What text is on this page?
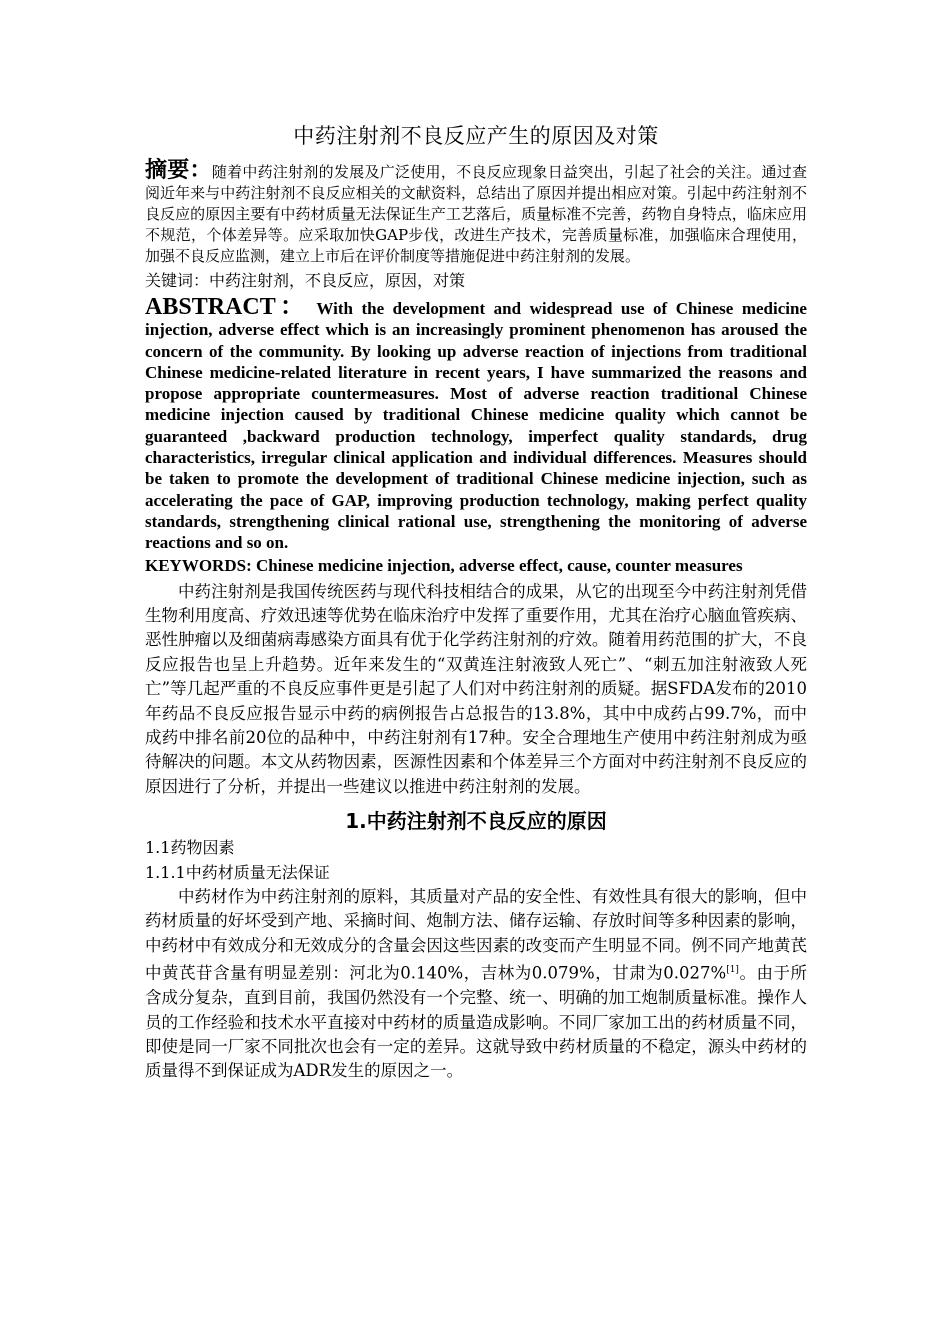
中药注射剂不良反应产生的原因及对策

摘要：随着中药注射剂的发展及广泛使用，不良反应现象日益突出，引起了社会的关注。通过查阅近年来与中药注射剂不良反应相关的文献资料，总结出了原因并提出相应对策。引起中药注射剂不良反应的原因主要有中药材质量无法保证生产工艺落后，质量标准不完善，药物自身特点，临床应用不规范，个体差异等。应采取加快GAP步伐，改进生产技术，完善质量标准，加强临床合理使用，加强不良反应监测，建立上市后在评价制度等措施促进中药注射剂的发展。

关键词：中药注射剂，不良反应，原因，对策

ABSTRACT： With the development and widespread use of Chinese medicine injection, adverse effect which is an increasingly prominent phenomenon has aroused the concern of the community. By looking up adverse reaction of injections from traditional Chinese medicine-related literature in recent years, I have summarized the reasons and propose appropriate countermeasures. Most of adverse reaction traditional Chinese medicine injection caused by traditional Chinese medicine quality which cannot be guaranteed ,backward production technology, imperfect quality standards, drug characteristics, irregular clinical application and individual differences. Measures should be taken to promote the development of traditional Chinese medicine injection, such as accelerating the pace of GAP, improving production technology, making perfect quality standards, strengthening clinical rational use, strengthening the monitoring of adverse reactions and so on.

KEYWORDS: Chinese medicine injection, adverse effect, cause, counter measures

中药注射剂是我国传统医药与现代科技相结合的成果，从它的出现至今中药注射剂凭借生物利用度高、疗效迅速等优势在临床治疗中发挥了重要作用，尤其在治疗心脑血管疾病、恶性肿瘤以及细菌病毒感染方面具有优于化学药注射剂的疗效。随着用药范围的扩大，不良反应报告也呈上升趋势。近年来发生的“双黄连注射液致人死亡”、“刺五加注射液致人死亡”等几起严重的不良反应事件更是引起了人们对中药注射剂的质疑。据SFDA发布的2010年药品不良反应报告显示中药的病例报告占总报告的13.8%，其中中成药占99.7%，而中成药中排名前20位的品种中，中药注射剂有17种。安全合理地生产使用中药注射剂成为亟待解决的问题。本文从药物因素，医源性因素和个体差异三个方面对中药注射剂不良反应的原因进行了分析，并提出一些建议以推进中药注射剂的发展。

1.中药注射剂不良反应的原因
1.1药物因素
1.1.1中药材质量无法保证

中药材作为中药注射剂的原料，其质量对产品的安全性、有效性具有很大的影响，但中药材质量的好坏受到产地、采摘时间、炮制方法、储存运输、存放时间等多种因素的影响，中药材中有效成分和无效成分的含量会因这些因素的改变而产生明显不同。例不同产地黄芪中黄芪苷含量有明显差别：河北为0.140%，吉林为0.079%，甘肃为0.027%[1]。由于所含成分复杂，直到目前，我国仍然没有一个完整、统一、明确的加工炮制质量标准。操作人员的工作经验和技术水平直接对中药材的质量造成影响。不同厂家加工出的药材质量不同，即使是同一厂家不同批次也会有一定的差异。这就导致中药材质量的不稳定，源头中药材的质量得不到保证成为ADR发生的原因之一。
